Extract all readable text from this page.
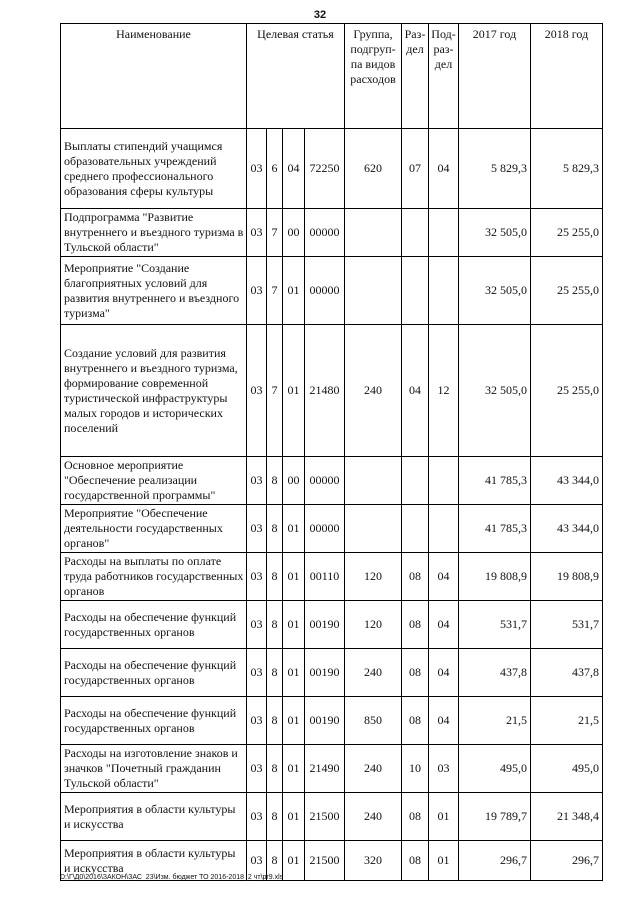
32
Наименование	Целевая статья				Группа, подгруп-па видов расходов	Раз-дел	Под-раз-дел	2017 год	2018 год
Выплаты стипендий учащимся образовательных учреждений среднего профессионального образования сферы культуры	03	6	04	72250	620	07	04	5 829,3	5 829,3
Подпрограмма "Развитие внутреннего и въездного туризма в Тульской области"	03	7	00	00000				32 505,0	25 255,0
Мероприятие "Создание благоприятных условий для развития внутреннего и въездного туризма"	03	7	01	00000				32 505,0	25 255,0
Создание условий для развития внутреннего и въездного туризма, формирование современной туристической инфраструктуры малых городов и исторических поселений	03	7	01	21480	240	04	12	32 505,0	25 255,0
Основное мероприятие "Обеспечение реализации государственной программы"	03	8	00	00000				41 785,3	43 344,0
Мероприятие "Обеспечение деятельности государственных органов"	03	8	01	00000				41 785,3	43 344,0
Расходы на выплаты по оплате труда работников государственных органов	03	8	01	00110	120	08	04	19 808,9	19 808,9
Расходы на обеспечение функций государственных органов	03	8	01	00190	120	08	04	531,7	531,7
Расходы на обеспечение функций государственных органов	03	8	01	00190	240	08	04	437,8	437,8
Расходы на обеспечение функций государственных органов	03	8	01	00190	850	08	04	21,5	21,5
Расходы на изготовление знаков и значков "Почетный гражданин Тульской области"	03	8	01	21490	240	10	03	495,0	495,0
Мероприятия в области культуры и искусства	03	8	01	21500	240	08	01	19 789,7	21 348,4
Мероприятия в области культуры и искусства	03	8	01	21500	320	08	01	296,7	296,7
D:\Г\Д0\2016\ЗАКОН\ЗАС_23\Изм. бюджет ТО 2016-2018_2 чт\pr9.xls
